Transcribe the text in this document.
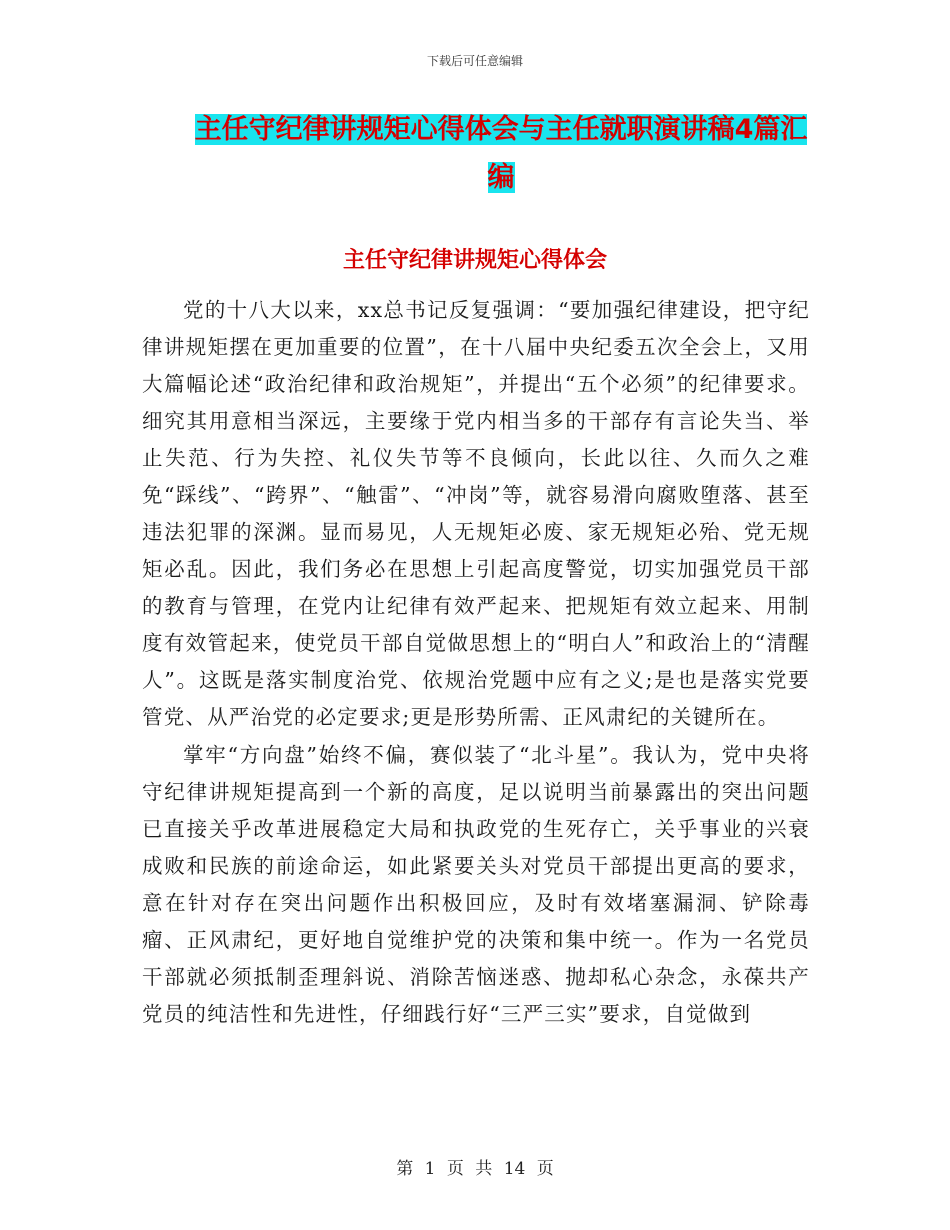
下载后可任意编辑
主任守纪律讲规矩心得体会与主任就职演讲稿4篇汇编
主任守纪律讲规矩心得体会

党的十八大以来，xx总书记反复强调：“要加强纪律建设，把守纪律讲规矩摆在更加重要的位置”，在十八届中央纪委五次全会上，又用大篇幅论述“政治纪律和政治规矩”，并提出“五个必须”的纪律要求。细究其用意相当深远，主要缘于党内相当多的干部存有言论失当、举止失范、行为失控、礼仪失节等不良倾向，长此以往、久而久之难免“踩线”、“跨界”、“触雷”、“冲岗”等，就容易滑向腐败堕落、甚至违法犯罪的深渊。显而易见，人无规矩必废、家无规矩必殆、党无规矩必乱。因此，我们务必在思想上引起高度警觉，切实加强党员干部的教育与管理，在党内让纪律有效严起来、把规矩有效立起来、用制度有效管起来，使党员干部自觉做思想上的“明白人”和政治上的“清醒人”。这既是落实制度治党、依规治党题中应有之义;是也是落实党要管党、从严治党的必定要求;更是形势所需、正风肃纪的关键所在。

掌牢“方向盘”始终不偏，赛似装了“北斗星”。我认为，党中央将守纪律讲规矩提高到一个新的高度，足以说明当前暴露出的突出问题已直接关乎改革进展稳定大局和执政党的生死存亡，关乎事业的兴衰成败和民族的前途命运，如此紧要关头对党员干部提出更高的要求，意在针对存在突出问题作出积极回应，及时有效堵塞漏洞、铲除毒瘤、正风肃纪，更好地自觉维护党的决策和集中统一。作为一名党员干部就必须抵制歪理斜说、消除苦恼迷惑、抛却私心杂念，永葆共产党员的纯洁性和先进性，仔细践行好“三严三实”要求，自觉做到

第 1 页 共 14 页
